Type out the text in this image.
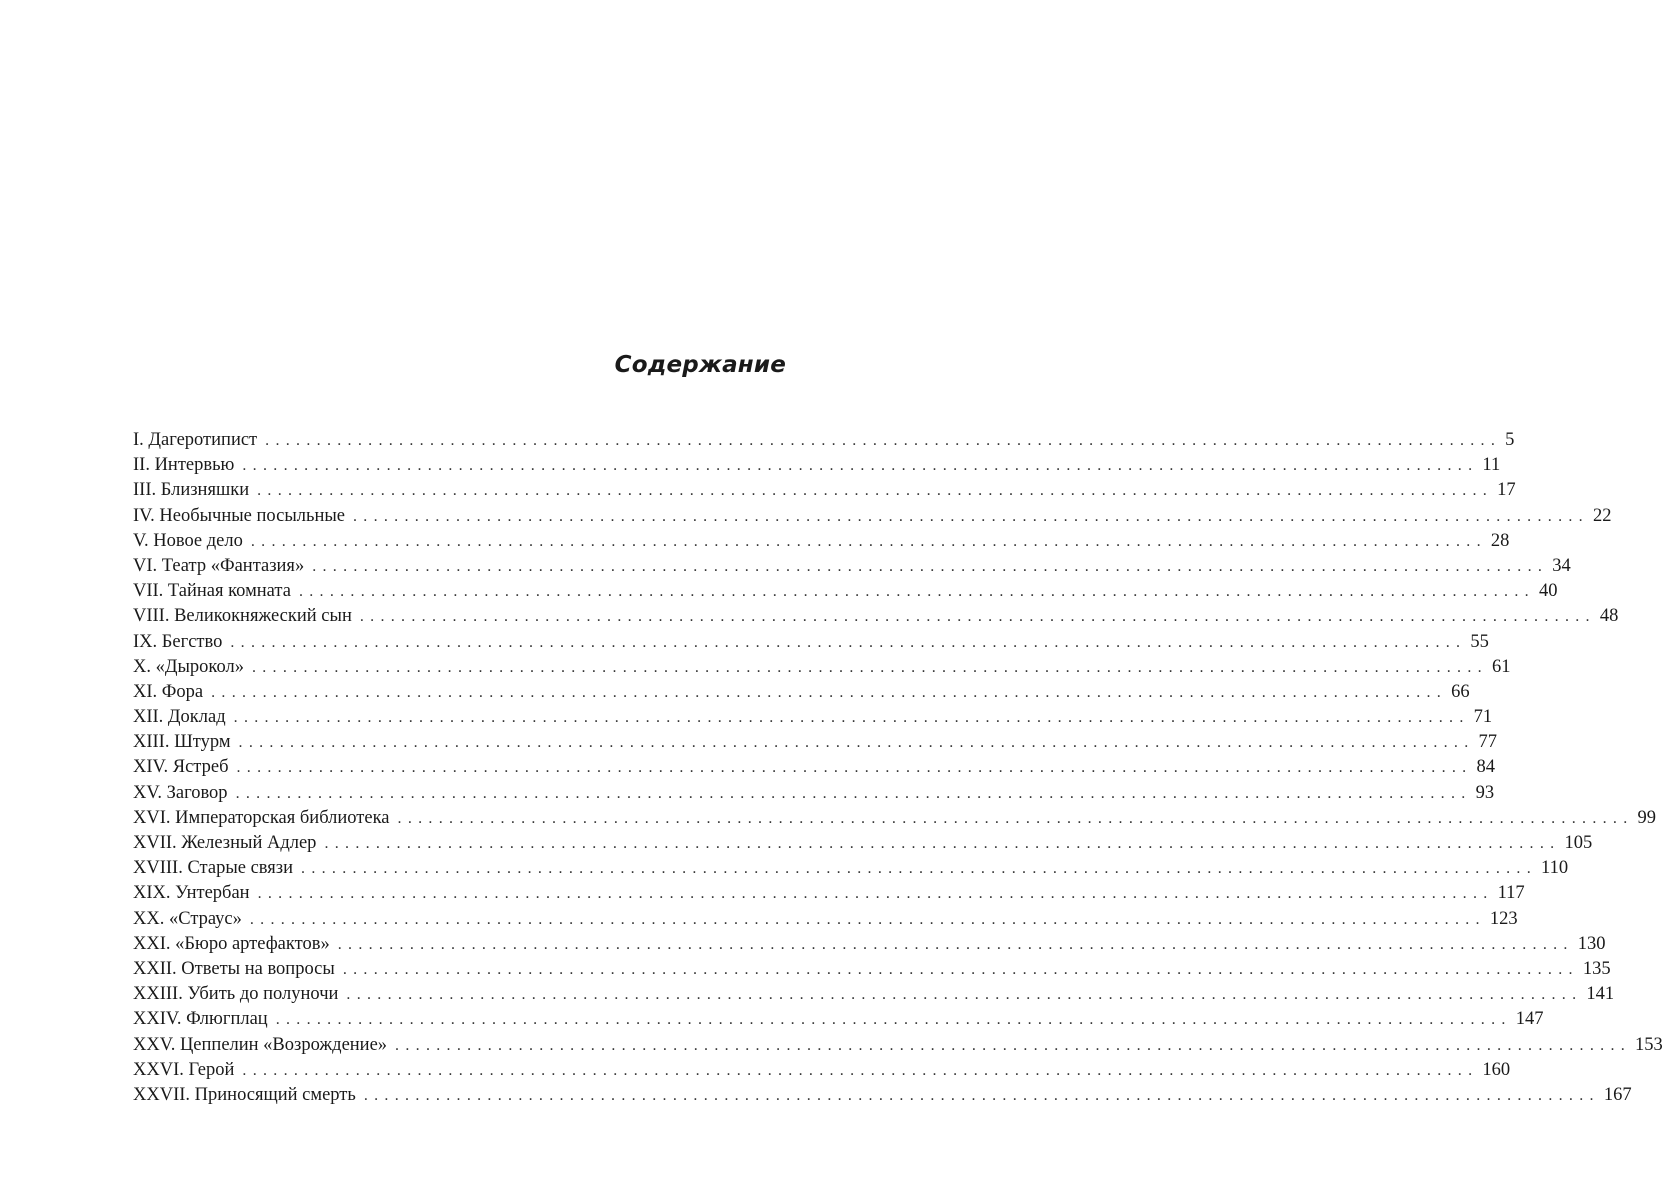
Содержание
I. Дагеротипист ........................................................................................................................ 5
II. Интервью ........................................................................................................................ 11
III. Близняшки ........................................................................................................................ 17
IV. Необычные посыльные ........................................................................................................................ 22
V. Новое дело ........................................................................................................................ 28
VI. Театр «Фантазия» ........................................................................................................................ 34
VII. Тайная комната ........................................................................................................................ 40
VIII. Великокняжеский сын ........................................................................................................................ 48
IX. Бегство ........................................................................................................................ 55
X. «Дырокол» ........................................................................................................................ 61
XI. Фора ........................................................................................................................ 66
XII. Доклад ........................................................................................................................ 71
XIII. Штурм ........................................................................................................................ 77
XIV. Ястреб ........................................................................................................................ 84
XV. Заговор ........................................................................................................................ 93
XVI. Императорская библиотека ........................................................................................................................ 99
XVII. Железный Адлер ........................................................................................................................ 105
XVIII. Старые связи ........................................................................................................................ 110
XIX. Унтербан ........................................................................................................................ 117
XX. «Страус» ........................................................................................................................ 123
XXI. «Бюро артефактов» ........................................................................................................................ 130
XXII. Ответы на вопросы ........................................................................................................................ 135
XXIII. Убить до полуночи ........................................................................................................................ 141
XXIV. Флюгплац ........................................................................................................................ 147
XXV. Цеппелин «Возрождение» ........................................................................................................................ 153
XXVI. Герой ........................................................................................................................ 160
XXVII. Приносящий смерть ........................................................................................................................ 167
